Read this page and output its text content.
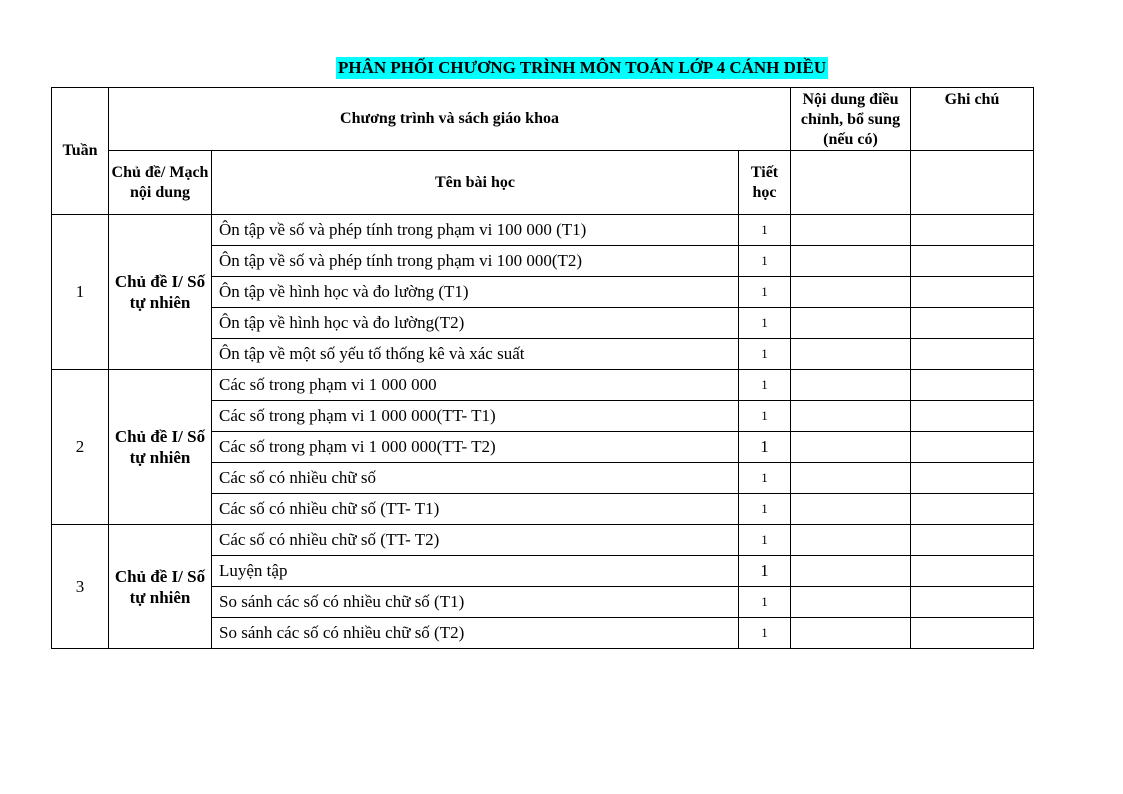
PHÂN PHỐI CHƯƠNG TRÌNH MÔN TOÁN LỚP 4 CÁNH DIỀU
Tuần	Chương trình và sách giáo khoa			Nội dung điều chỉnh, bổ sung (nếu có)	Ghi chú
	Chủ đề/ Mạch nội dung	Tên bài học	Tiết học		
1	Chủ đề I/ Số tự nhiên	Ôn tập về số và phép tính trong phạm vi 100 000 (T1)	1		
		Ôn tập về số và phép tính trong phạm vi 100 000(T2)	1		
		Ôn tập về hình học và đo lường (T1)	1		
		Ôn tập về hình học và đo lường(T2)	1		
		Ôn tập về một số yếu tố thống kê và xác suất	1		
2	Chủ đề I/ Số tự nhiên	Các số trong phạm vi 1 000 000	1		
		Các số trong phạm vi 1 000 000(TT- T1)	1		
		Các số trong phạm vi 1 000 000(TT- T2)	1		
		Các số có nhiều chữ số	1		
		Các số có nhiều chữ số (TT- T1)	1		
3	Chủ đề I/ Số tự nhiên	Các số có nhiều chữ số (TT- T2)	1		
		Luyện tập	1		
		So sánh các số có nhiều chữ số (T1)	1		
		So sánh các số có nhiều chữ số (T2)	1		
